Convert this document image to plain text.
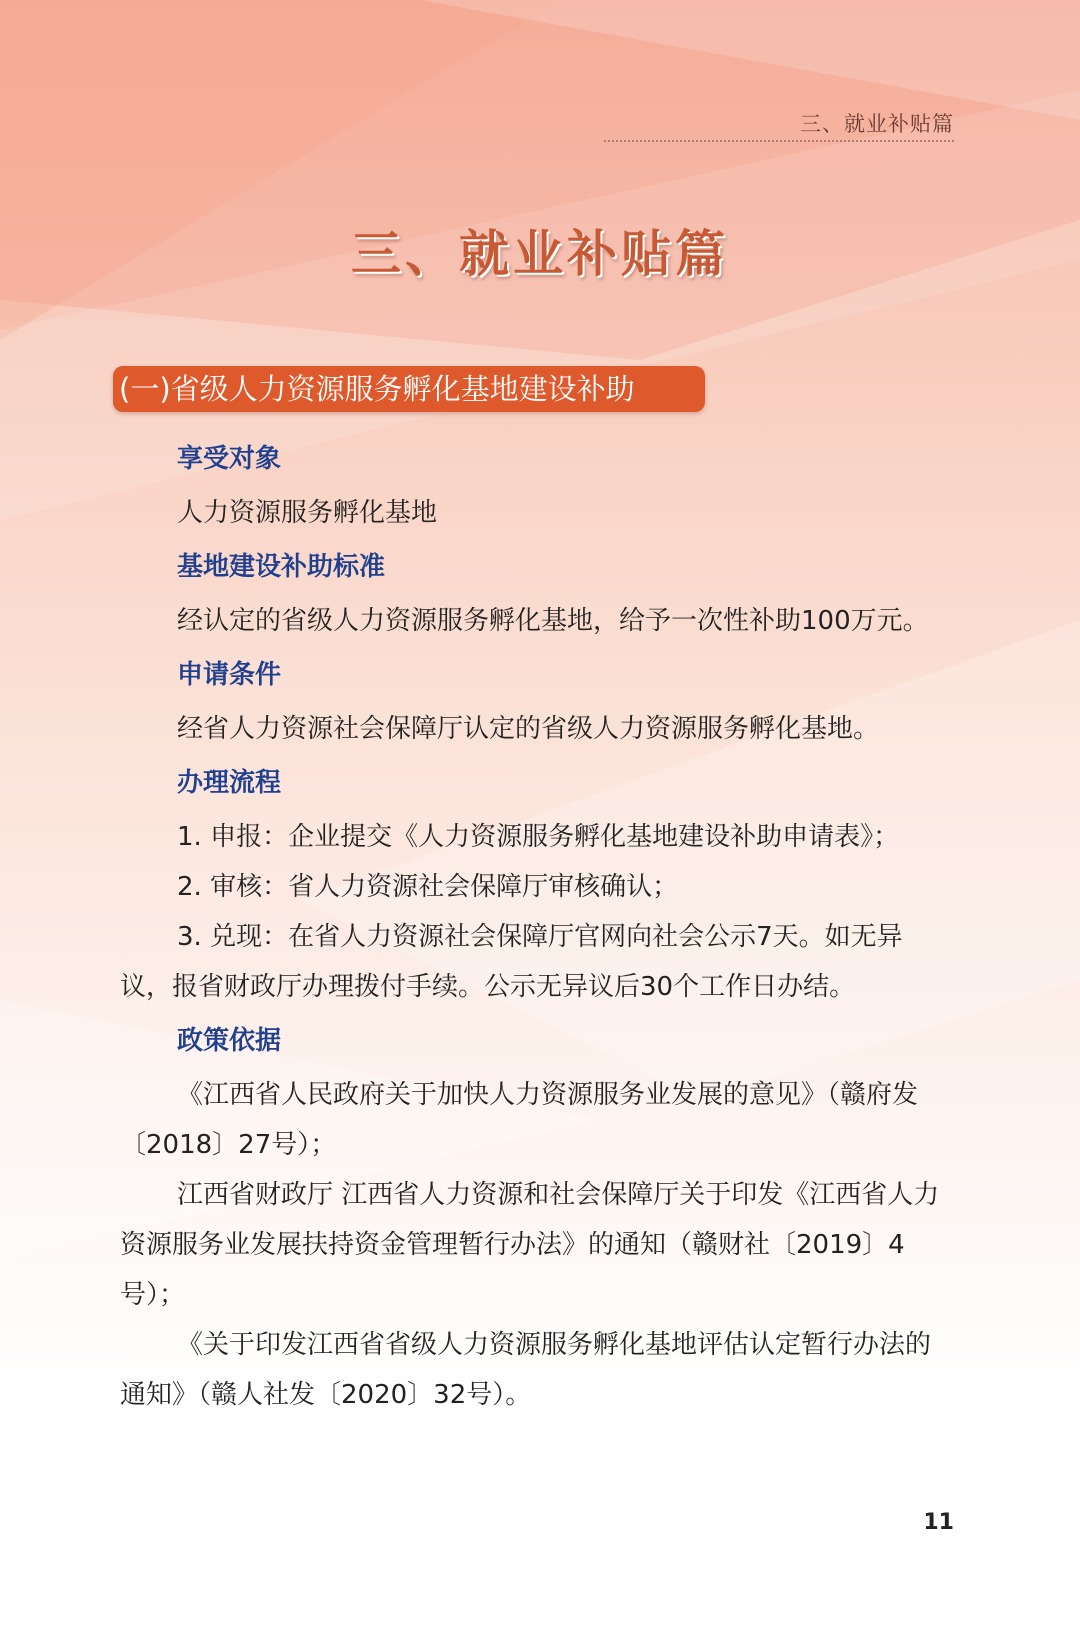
三、就业补贴篇
三、就业补贴篇
(一)省级人力资源服务孵化基地建设补助
享受对象

人力资源服务孵化基地

基地建设补助标准

经认定的省级人力资源服务孵化基地，给予一次性补助100万元。

申请条件

经省人力资源社会保障厅认定的省级人力资源服务孵化基地。

办理流程

1. 申报：企业提交《人力资源服务孵化基地建设补助申请表》；

2. 审核：省人力资源社会保障厅审核确认；

3. 兑现：在省人力资源社会保障厅官网向社会公示7天。如无异议，报省财政厅办理拨付手续。公示无异议后30个工作日办结。

政策依据

《江西省人民政府关于加快人力资源服务业发展的意见》（赣府发〔2018〕27号）；

江西省财政厅 江西省人力资源和社会保障厅关于印发《江西省人力资源服务业发展扶持资金管理暂行办法》的通知（赣财社〔2019〕4号）；

《关于印发江西省省级人力资源服务孵化基地评估认定暂行办法的通知》（赣人社发〔2020〕32号）。

11
